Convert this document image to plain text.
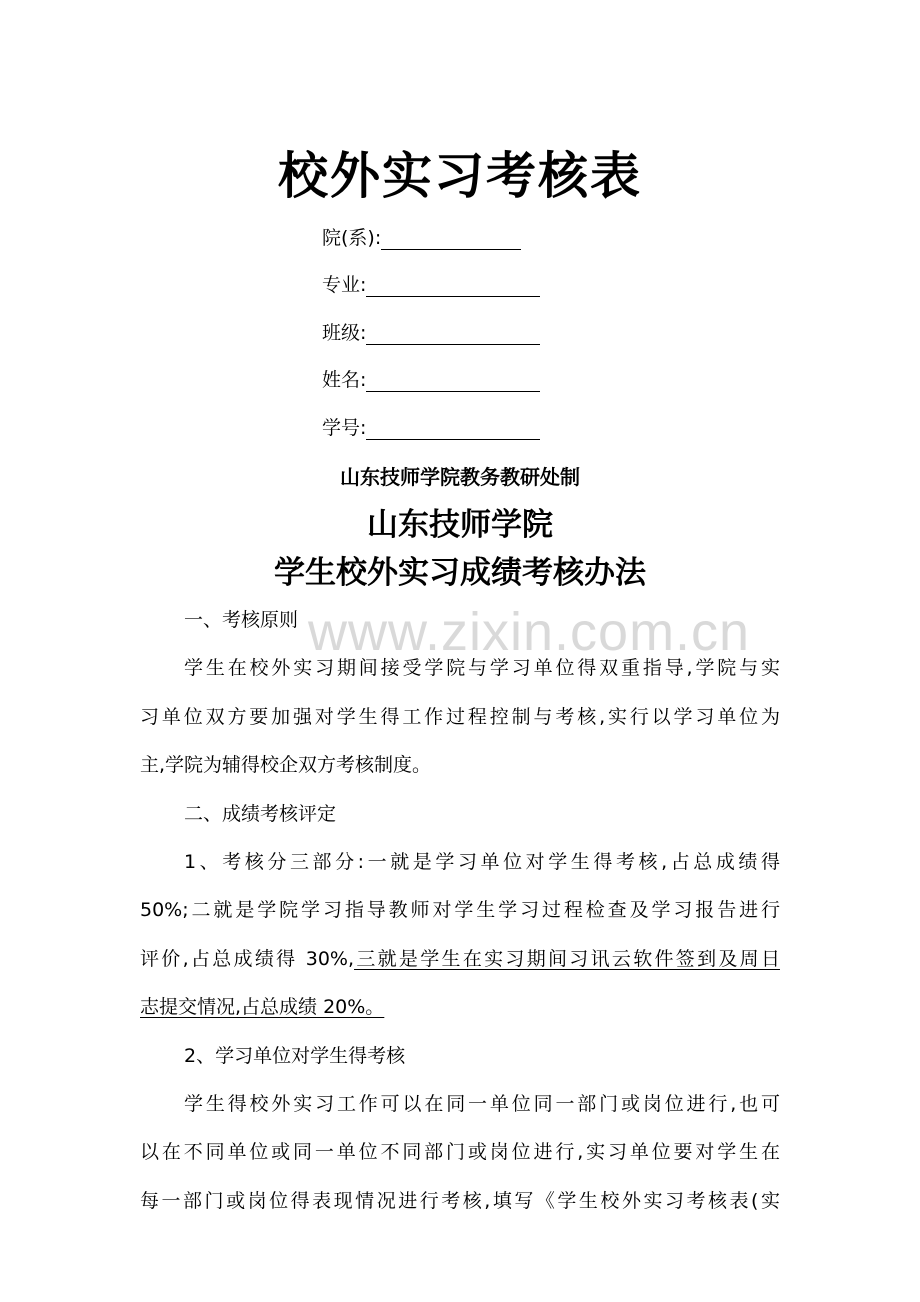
校外实习考核表
院(系):
专业:
班级:
姓名:
学号:
山东技师学院教务教研处制
山东技师学院
学生校外实习成绩考核办法
www.zixin.com.cn
一、考核原则
学生在校外实习期间接受学院与学习单位得双重指导,学院与实
习单位双方要加强对学生得工作过程控制与考核,实行以学习单位为
主,学院为辅得校企双方考核制度。
二、成绩考核评定
1、考核分三部分:一就是学习单位对学生得考核,占总成绩得
50%;二就是学院学习指导教师对学生学习过程检查及学习报告进行
评价,占总成绩得 30%,三就是学生在实习期间习讯云软件签到及周日
志提交情况,占总成绩 20%。
2、学习单位对学生得考核
学生得校外实习工作可以在同一单位同一部门或岗位进行,也可
以在不同单位或同一单位不同部门或岗位进行,实习单位要对学生在
每一部门或岗位得表现情况进行考核,填写《学生校外实习考核表(实
